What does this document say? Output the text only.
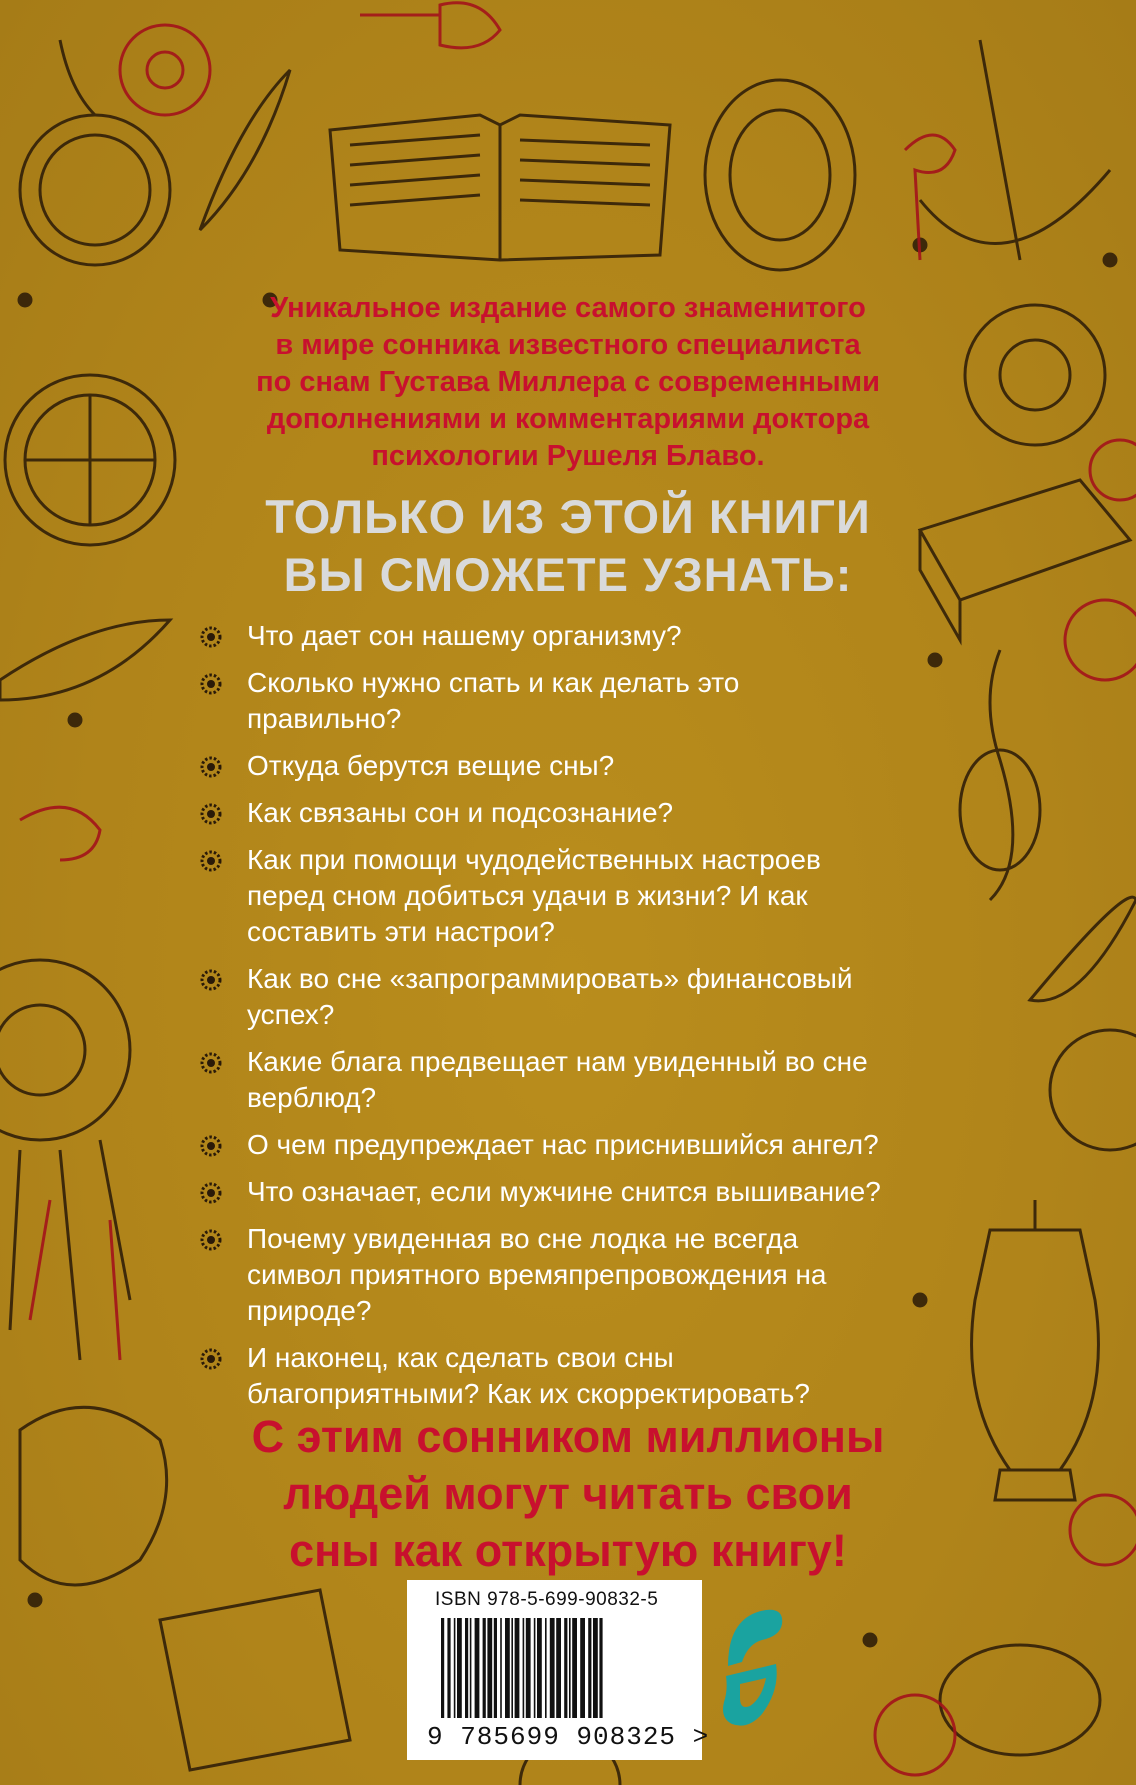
Уникальное издание самого знаменитого
в мире сонника известного специалиста
по снам Густава Миллера с современными
дополнениями и комментариями доктора
психологии Рушеля Блаво.
ТОЛЬКО ИЗ ЭТОЙ КНИГИ
ВЫ СМОЖЕТЕ УЗНАТЬ:
Что дает сон нашему организму?
Сколько нужно спать и как делать это
правильно?
Откуда берутся вещие сны?
Как связаны сон и подсознание?
Как при помощи чудодейственных настроев
перед сном добиться удачи в жизни? И как
составить эти настрои?
Как во сне «запрограммировать» финансовый
успех?
Какие блага предвещает нам увиденный во сне
верблюд?
О чем предупреждает нас приснившийся ангел?
Что означает, если мужчине снится вышивание?
Почему увиденная во сне лодка не всегда
символ приятного времяпрепровождения на
природе?
И наконец, как сделать свои сны
благоприятными? Как их скорректировать?
С этим сонником миллионы
людей могут читать свои
сны как открытую книгу!
ISBN 978-5-699-90832-5
9 785699 908325 >
